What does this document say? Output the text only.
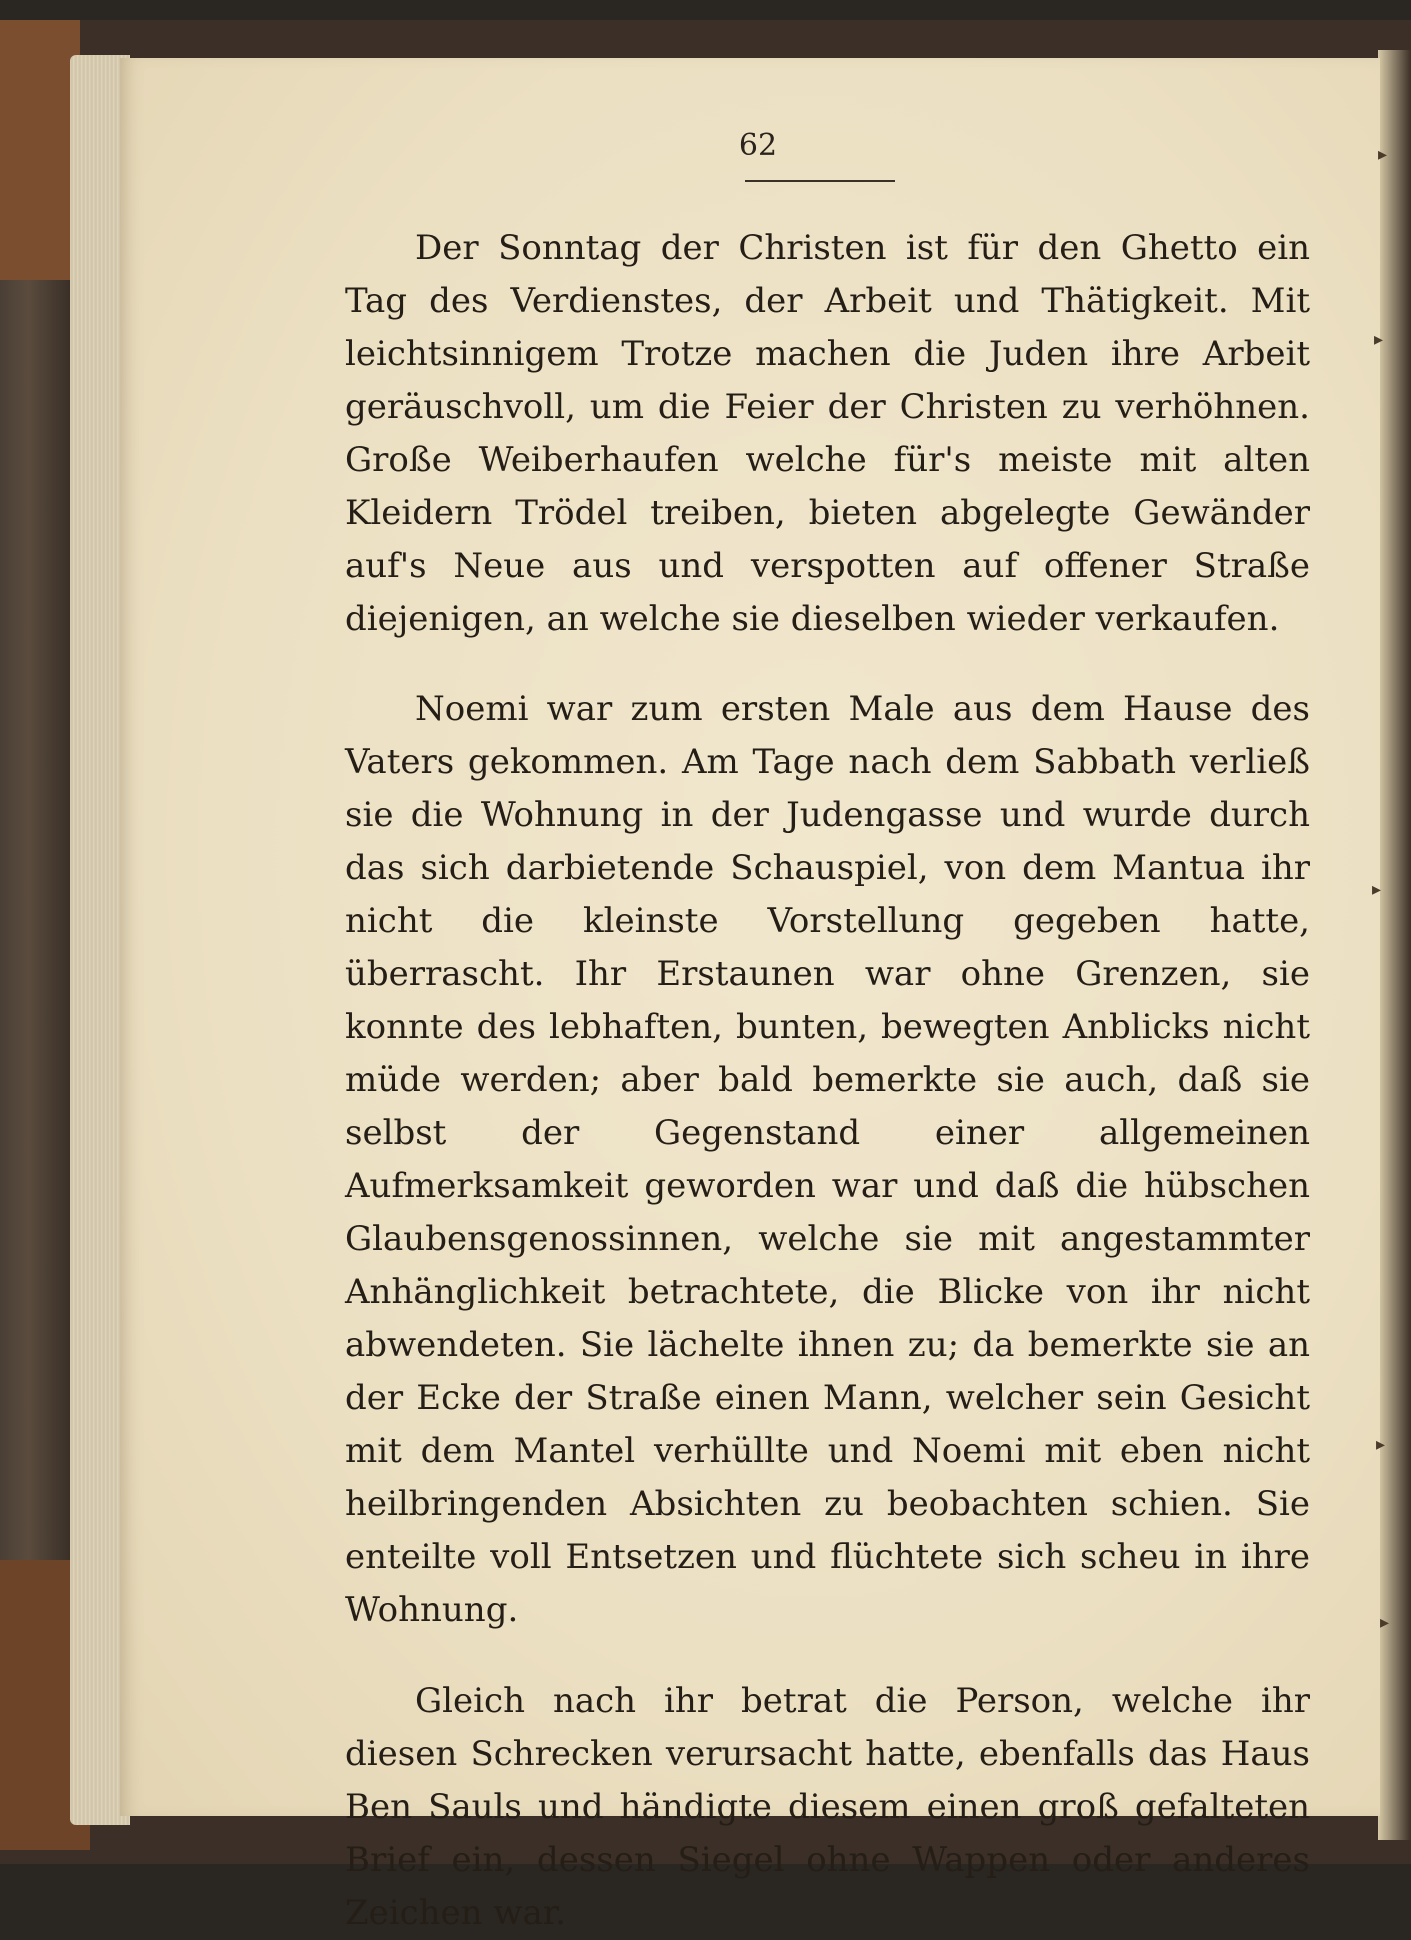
62

Der Sonntag der Christen ist für den Ghetto ein Tag des Verdienstes, der Arbeit und Thätigkeit. Mit leichtsinnigem Trotze machen die Juden ihre Arbeit geräuschvoll, um die Feier der Christen zu verhöhnen. Große Weiberhaufen welche für's meiste mit alten Kleidern Trödel treiben, bieten abgelegte Gewänder auf's Neue aus und verspotten auf offener Straße diejenigen, an welche sie dieselben wieder verkaufen.

Noemi war zum ersten Male aus dem Hause des Vaters gekommen. Am Tage nach dem Sabbath verließ sie die Wohnung in der Judengasse und wurde durch das sich darbietende Schauspiel, von dem Mantua ihr nicht die kleinste Vorstellung gegeben hatte, überrascht. Ihr Erstaunen war ohne Grenzen, sie konnte des lebhaften, bunten, bewegten Anblicks nicht müde werden; aber bald bemerkte sie auch, daß sie selbst der Gegenstand einer allgemeinen Aufmerksamkeit geworden war und daß die hübschen Glaubensgenossinnen, welche sie mit angestammter Anhänglichkeit betrachtete, die Blicke von ihr nicht abwendeten. Sie lächelte ihnen zu; da bemerkte sie an der Ecke der Straße einen Mann, welcher sein Gesicht mit dem Mantel verhüllte und Noemi mit eben nicht heilbringenden Absichten zu beobachten schien. Sie enteilte voll Entsetzen und flüchtete sich scheu in ihre Wohnung.

Gleich nach ihr betrat die Person, welche ihr diesen Schrecken verursacht hatte, ebenfalls das Haus Ben Sauls und händigte diesem einen groß gefalteten Brief ein, dessen Siegel ohne Wappen oder anderes Zeichen war.

▸
▸
▸
▸
▸
